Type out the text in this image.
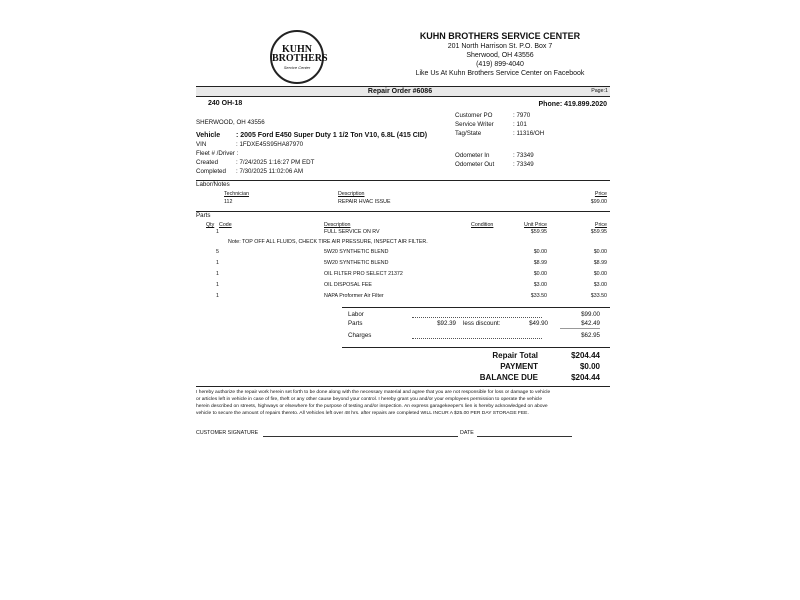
KUHN
BROTHERS
Service Center
KUHN BROTHERS SERVICE CENTER
201 North Harrison St. P.O. Box 7
Sherwood, OH 43556
(419) 899-4040
Like Us At Kuhn Brothers Service Center on Facebook
Repair Order #6086	Page:1
240 OH-18	Phone: 419.899.2020
SHERWOOD, OH 43556
Customer PO	: 7970
Service Writer	: 101
Tag/State	: 11316/OH
Vehicle	: 2005 Ford E450 Super Duty 1 1/2 Ton V10, 6.8L (415 CID)
VIN	: 1FDXE45S95HA87970
Fleet # /Driver :
Created	: 7/24/2025 1:16:27 PM EDT
Completed	: 7/30/2025 11:02:06 AM
Odometer In	: 73349
Odometer Out	: 73349
Labor/Notes
Technician	Description	Price
112	REPAIR HVAC ISSUE	$99.00
Parts
Qty Code	Description	Condition	Unit Price	Price
1	FULL SERVICE ON RV	$59.95	$59.95
Note: TOP OFF ALL FLUIDS, CHECK TIRE AIR PRESSURE, INSPECT AIR FILTER.
5	5W20 SYNTHETIC BLEND	$0.00	$0.00
1	5W20 SYNTHETIC BLEND	$8.99	$8.99
1	OIL FILTER PRO SELECT 21372	$0.00	$0.00
1	OIL DISPOSAL FEE	$3.00	$3.00
1	NAPA Proformer Air Filter	$33.50	$33.50
Labor	$99.00
Parts	$92.39 less discount:	$49.90	$42.49
Charges	$62.95
Repair Total	$204.44
PAYMENT	$0.00
BALANCE DUE	$204.44
I hereby authorize the repair work herein set forth to be done along with the necessary material and agree that you are not responsible for loss or damage to vehicle
or articles left in vehicle in case of fire, theft or any other cause beyond your control. I hereby grant you and/or your employees permission to operate the vehicle
herein described on streets, highways or elsewhere for the purpose of testing and/or inspection. An express garagekeeper's lien is hereby acknowledged on above
vehicle to secure the amount of repairs thereto. All Vehicles left over 48 hrs. after repairs are completed WILL INCUR A $25.00 PER DAY STORAGE FEE.
CUSTOMER SIGNATURE	DATE
